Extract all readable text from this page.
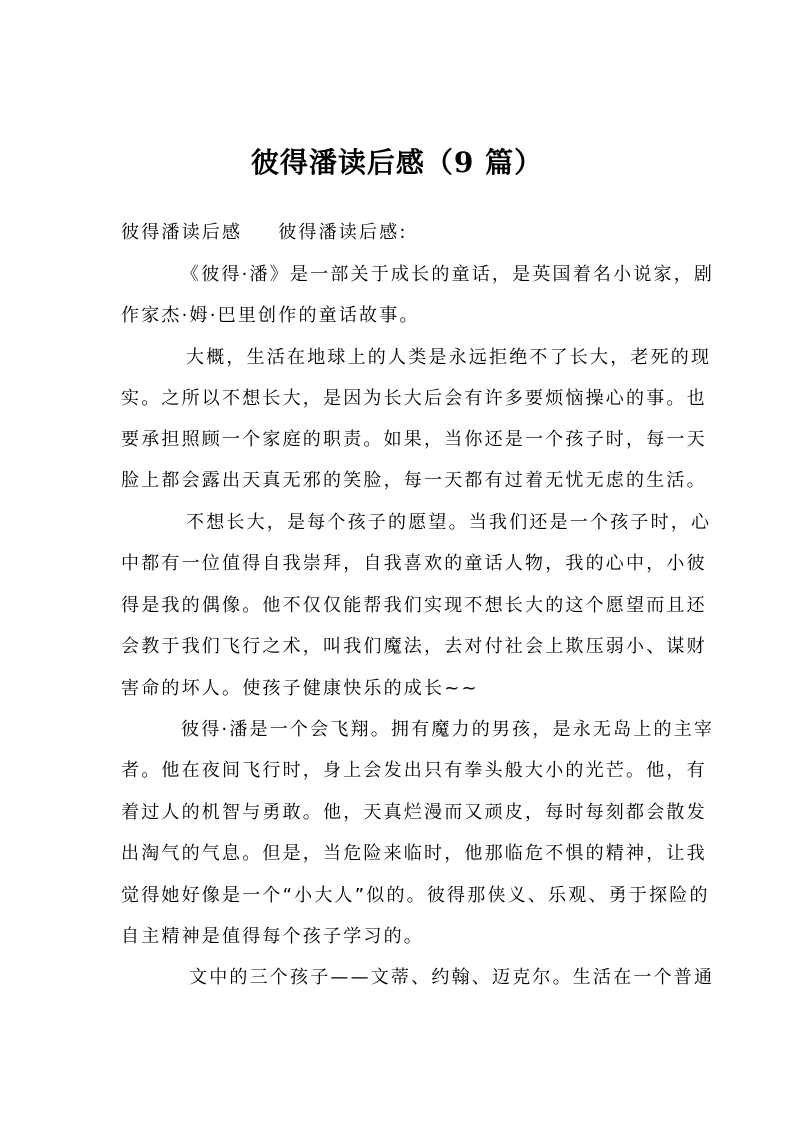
彼得潘读后感（9 篇）
彼得潘读后感 彼得潘读后感:
《彼得·潘》是一部关于成长的童话，是英国着名小说家，剧
作家杰·姆·巴里创作的童话故事。
大概，生活在地球上的人类是永远拒绝不了长大，老死的现
实。之所以不想长大，是因为长大后会有许多要烦恼操心的事。也
要承担照顾一个家庭的职责。如果，当你还是一个孩子时，每一天
脸上都会露出天真无邪的笑脸，每一天都有过着无忧无虑的生活。
不想长大，是每个孩子的愿望。当我们还是一个孩子时，心
中都有一位值得自我崇拜，自我喜欢的童话人物，我的心中，小彼
得是我的偶像。他不仅仅能帮我们实现不想长大的这个愿望而且还
会教于我们飞行之术，叫我们魔法，去对付社会上欺压弱小、谋财
害命的坏人。使孩子健康快乐的成长~~
彼得·潘是一个会飞翔。拥有魔力的男孩，是永无岛上的主宰
者。他在夜间飞行时，身上会发出只有拳头般大小的光芒。他，有
着过人的机智与勇敢。他，天真烂漫而又顽皮，每时每刻都会散发
出淘气的气息。但是，当危险来临时，他那临危不惧的精神，让我
觉得她好像是一个“小大人”似的。彼得那侠义、乐观、勇于探险的
自主精神是值得每个孩子学习的。
文中的三个孩子——文蒂、约翰、迈克尔。生活在一个普通
